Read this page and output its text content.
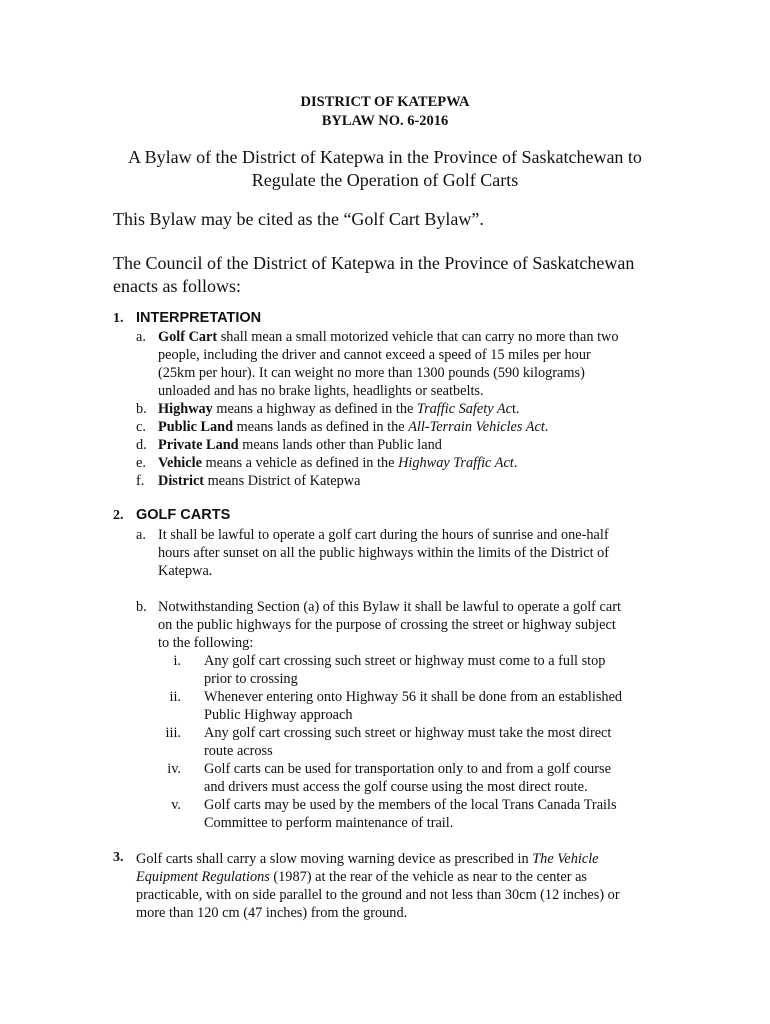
DISTRICT OF KATEPWA
BYLAW NO. 6-2016
A Bylaw of the District of Katepwa in the Province of Saskatchewan to
Regulate the Operation of Golf Carts
This Bylaw may be cited as the “Golf Cart Bylaw”.
The Council of the District of Katepwa in the Province of Saskatchewan
enacts as follows:
1. INTERPRETATION
a. Golf Cart shall mean a small motorized vehicle that can carry no more than two
people, including the driver and cannot exceed a speed of 15 miles per hour
(25km per hour). It can weight no more than 1300 pounds (590 kilograms)
unloaded and has no brake lights, headlights or seatbelts.
b. Highway means a highway as defined in the Traffic Safety Act.
c. Public Land means lands as defined in the All-Terrain Vehicles Act.
d. Private Land means lands other than Public land
e. Vehicle means a vehicle as defined in the Highway Traffic Act.
f. District means District of Katepwa
2. GOLF CARTS
a. It shall be lawful to operate a golf cart during the hours of sunrise and one-half
hours after sunset on all the public highways within the limits of the District of
Katepwa.
b. Notwithstanding Section (a) of this Bylaw it shall be lawful to operate a golf cart
on the public highways for the purpose of crossing the street or highway subject
to the following:
i. Any golf cart crossing such street or highway must come to a full stop
prior to crossing
ii. Whenever entering onto Highway 56 it shall be done from an established
Public Highway approach
iii. Any golf cart crossing such street or highway must take the most direct
route across
iv. Golf carts can be used for transportation only to and from a golf course
and drivers must access the golf course using the most direct route.
v. Golf carts may be used by the members of the local Trans Canada Trails
Committee to perform maintenance of trail.
3. Golf carts shall carry a slow moving warning device as prescribed in The Vehicle
Equipment Regulations (1987) at the rear of the vehicle as near to the center as
practicable, with on side parallel to the ground and not less than 30cm (12 inches) or
more than 120 cm (47 inches) from the ground.
